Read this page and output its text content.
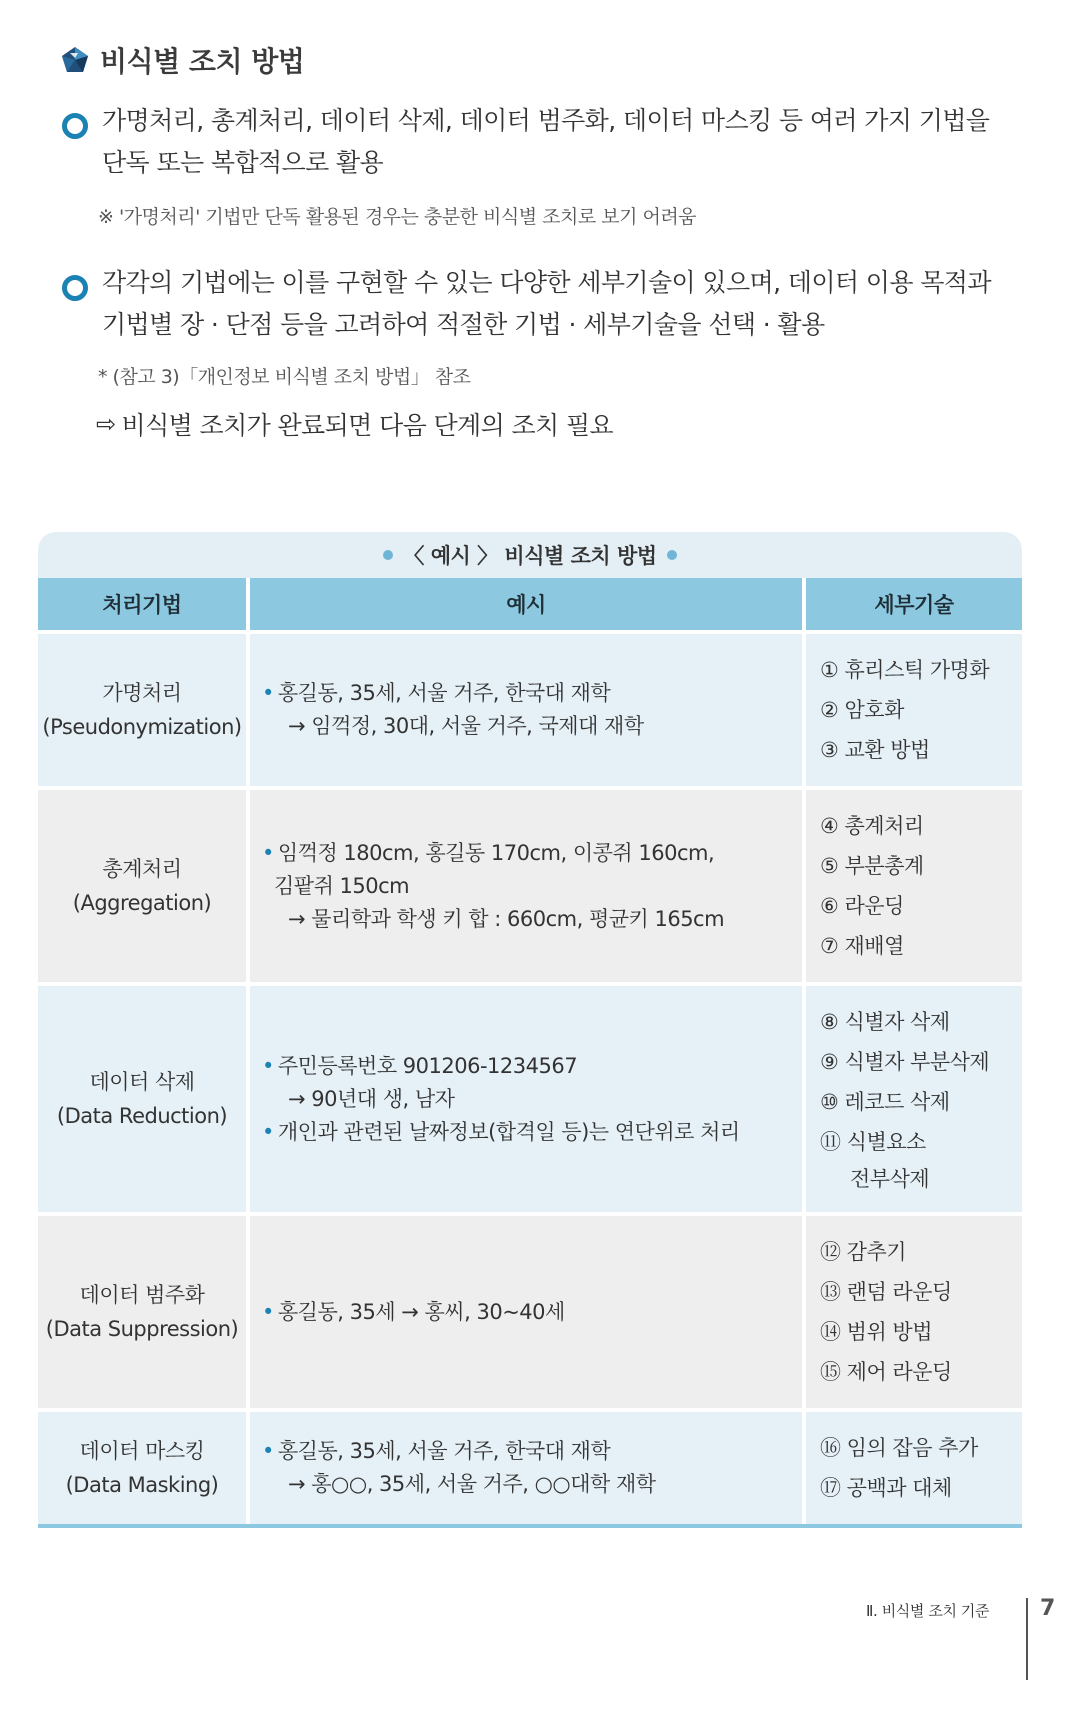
비식별 조치 방법
가명처리, 총계처리, 데이터 삭제, 데이터 범주화, 데이터 마스킹 등 여러 가지 기법을
단독 또는 복합적으로 활용
※ '가명처리' 기법만 단독 활용된 경우는 충분한 비식별 조치로 보기 어려움
각각의 기법에는 이를 구현할 수 있는 다양한 세부기술이 있으며, 데이터 이용 목적과
기법별 장 · 단점 등을 고려하여 적절한 기법 · 세부기술을 선택 · 활용
* (참고 3)「개인정보 비식별 조치 방법」 참조
⇨ 비식별 조치가 완료되면 다음 단계의 조치 필요
〈 예시 〉 비식별 조치 방법
처리기법	예시	세부기술

가명처리
(Pseudonymization)	• 홍길동, 35세, 서울 거주, 한국대 재학
→ 임꺽정, 30대, 서울 거주, 국제대 재학	① 휴리스틱 가명화
② 암호화
③ 교환 방법

총계처리
(Aggregation)	• 임꺽정 180cm, 홍길동 170cm, 이콩쥐 160cm,
김팥쥐 150cm
→ 물리학과 학생 키 합 : 660cm, 평균키 165cm	④ 총계처리
⑤ 부분총계
⑥ 라운딩
⑦ 재배열

데이터 삭제
(Data Reduction)	• 주민등록번호 901206-1234567
→ 90년대 생, 남자
• 개인과 관련된 날짜정보(합격일 등)는 연단위로 처리	⑧ 식별자 삭제
⑨ 식별자 부분삭제
⑩ 레코드 삭제
⑪ 식별요소
전부삭제

데이터 범주화
(Data Suppression)	• 홍길동, 35세 → 홍씨, 30~40세	⑫ 감추기
⑬ 랜덤 라운딩
⑭ 범위 방법
⑮ 제어 라운딩

데이터 마스킹
(Data Masking)	• 홍길동, 35세, 서울 거주, 한국대 재학
→ 홍○○, 35세, 서울 거주, ○○대학 재학	⑯ 임의 잡음 추가
⑰ 공백과 대체
Ⅱ. 비식별 조치 기준 7
